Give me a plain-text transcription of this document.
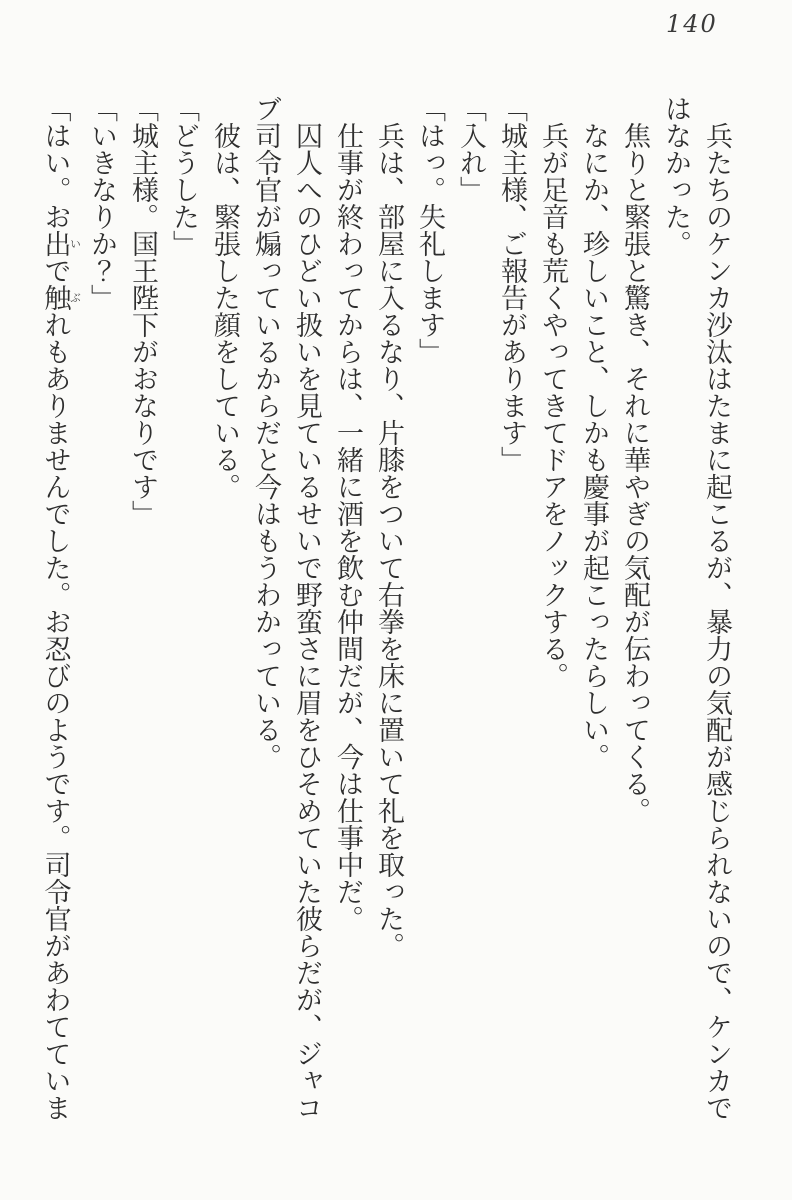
140

兵たちのケンカ沙汰はたまに起こるが、暴力の気配が感じられないので、ケンカではなかった。

焦りと緊張と驚き、それに華やぎの気配が伝わってくる。

なにか、珍しいこと、しかも慶事が起こったらしい。

兵が足音も荒くやってきてドアをノックする。

「城主様、ご報告があります」

「入れ」

「はっ。失礼します」

兵は、部屋に入るなり、片膝をついて右拳を床に置いて礼を取った。

仕事が終わってからは、一緒に酒を飲む仲間だが、今は仕事中だ。

囚人へのひどい扱いを見ているせいで野蛮さに眉をひそめていた彼らだが、ジャコブ司令官が煽っているからだと今はもうわかっている。

彼は、緊張した顔をしている。

「どうした」

「城主様。国王陛下がおなりです」

「いきなりか？」

「はい。お出いで触ぶれもありませんでした。お忍びのようです。司令官があわてていま
